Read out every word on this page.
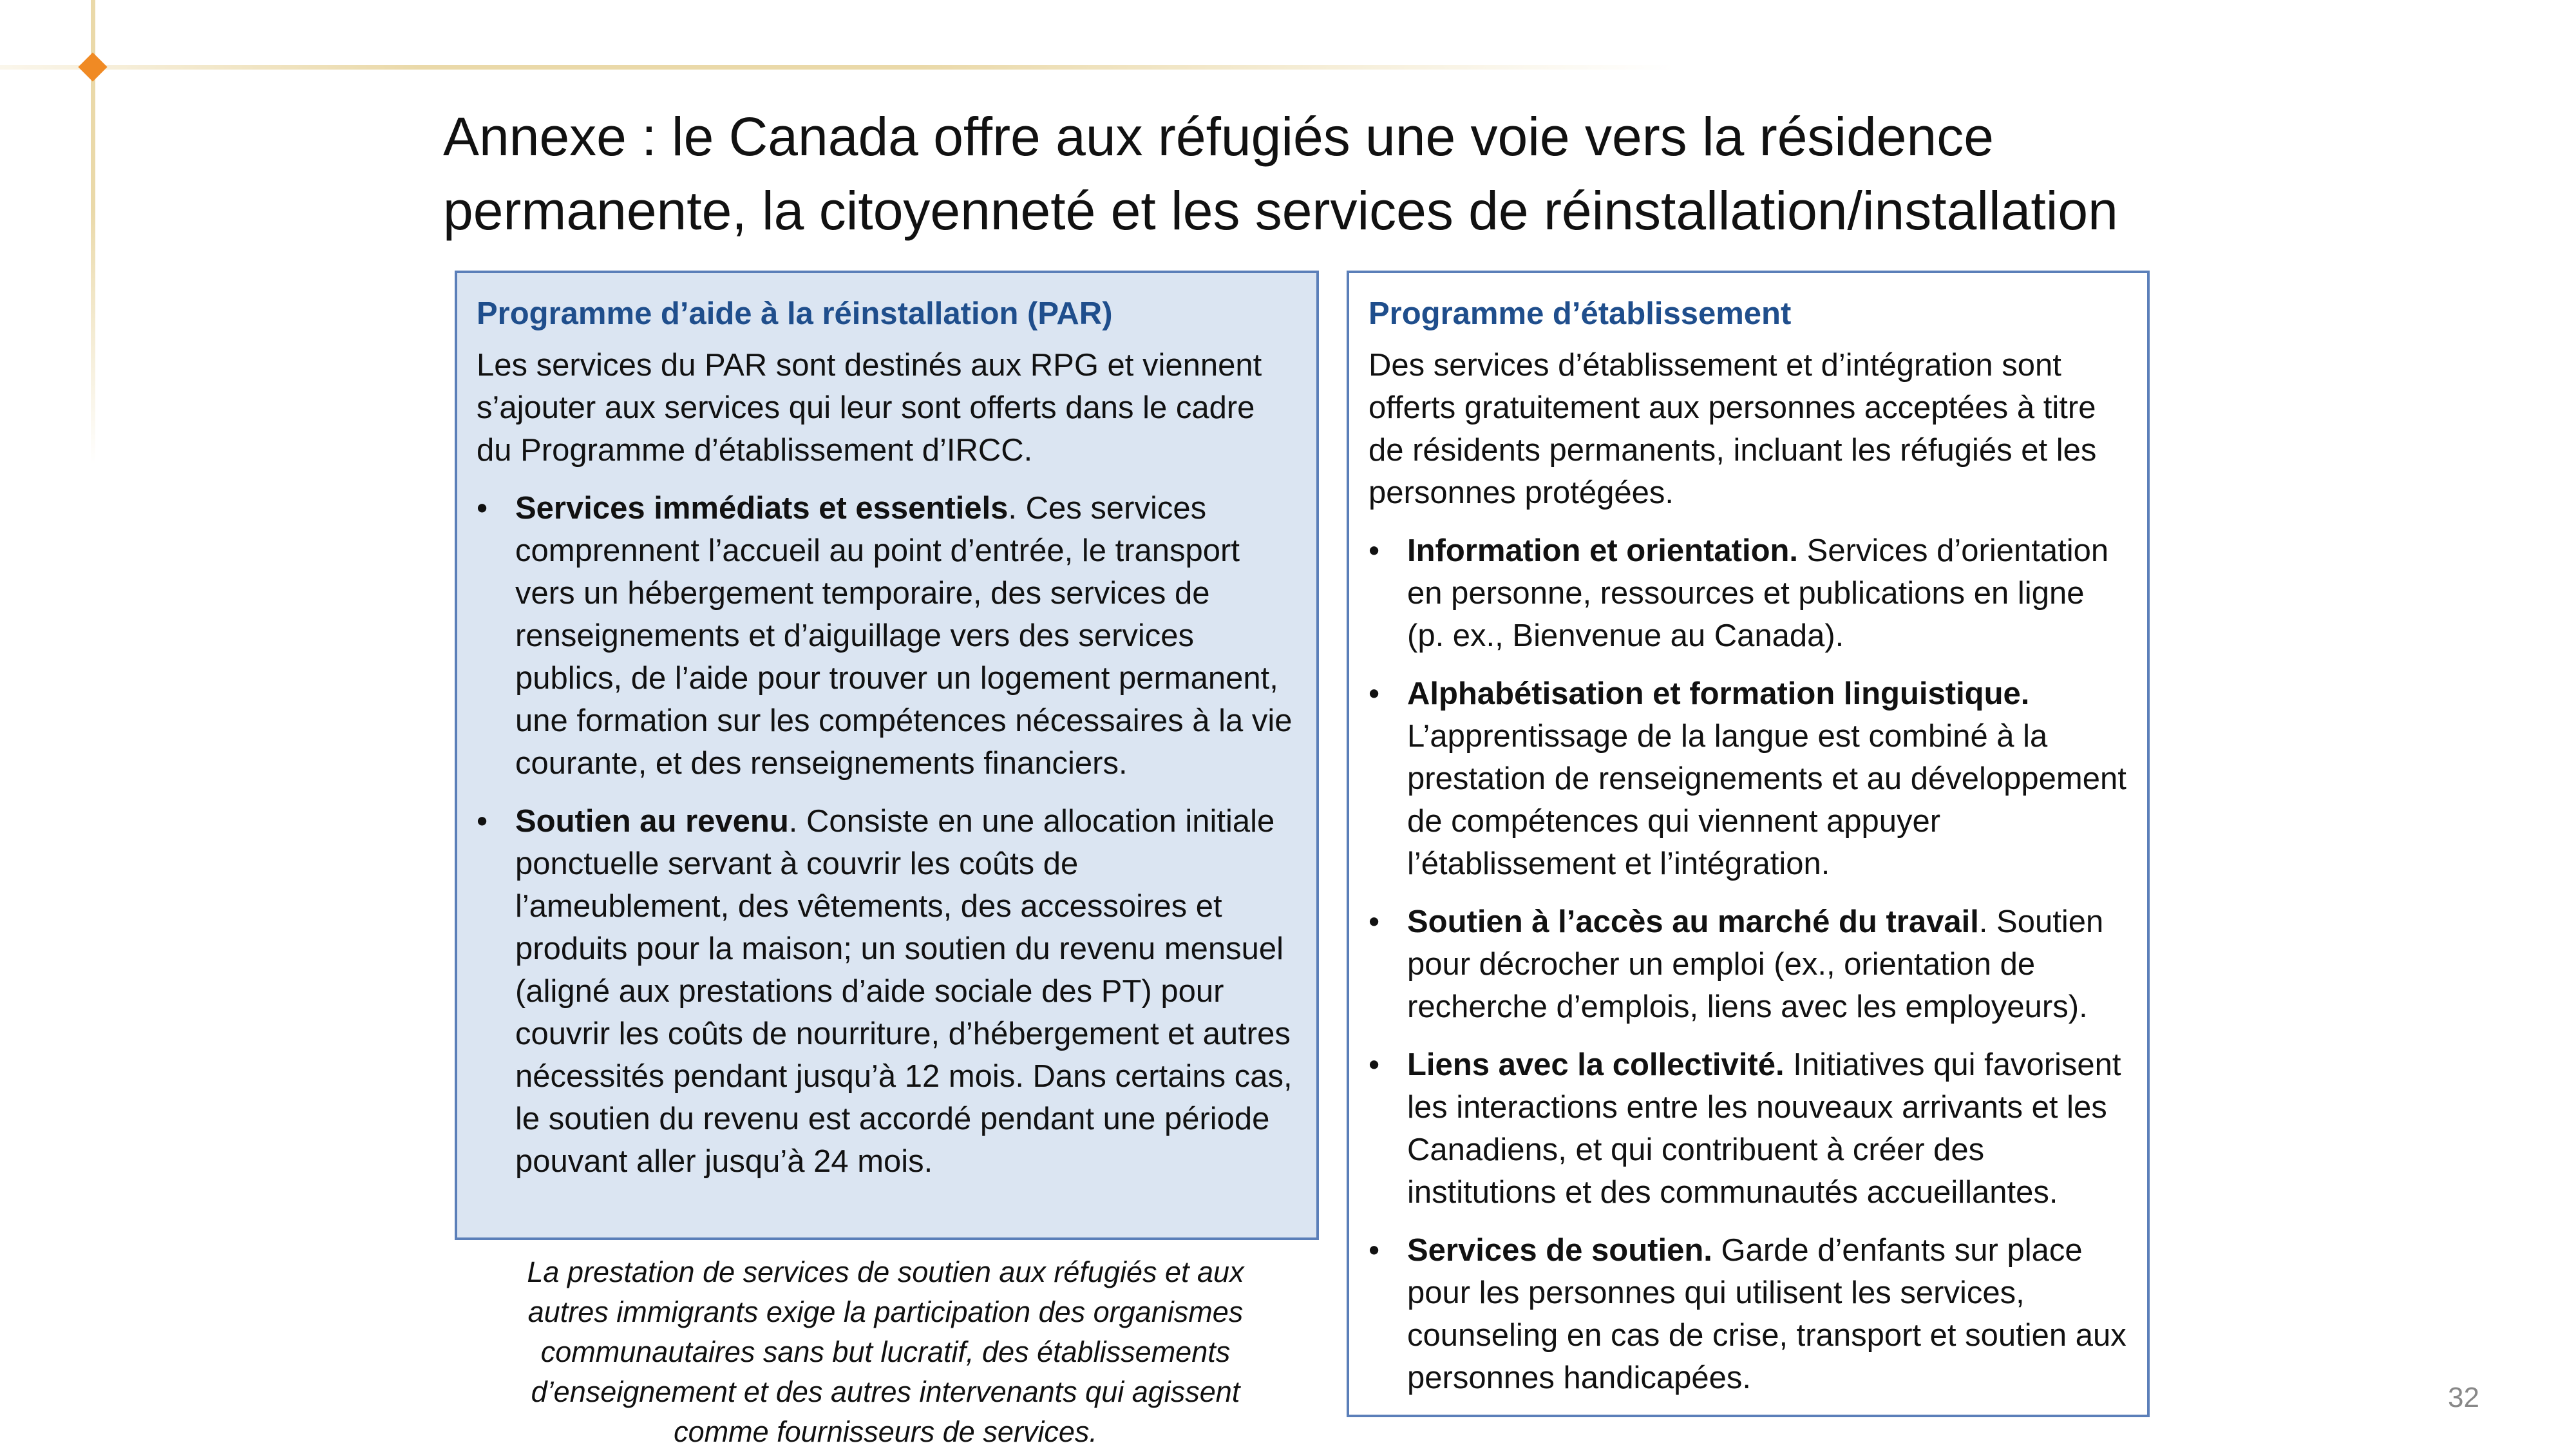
Annexe : le Canada offre aux réfugiés une voie vers la résidence
permanente, la citoyenneté et les services de réinstallation/installation

Programme d’aide à la réinstallation (PAR)

Les services du PAR sont destinés aux RPG et viennent s’ajouter aux services qui leur sont offerts dans le cadre du Programme d’établissement d’IRCC.

• Services immédiats et essentiels. Ces services comprennent l’accueil au point d’entrée, le transport vers un hébergement temporaire, des services de renseignements et d’aiguillage vers des services publics, de l’aide pour trouver un logement permanent, une formation sur les compétences nécessaires à la vie courante, et des renseignements financiers.
• Soutien au revenu. Consiste en une allocation initiale ponctuelle servant à couvrir les coûts de l’ameublement, des vêtements, des accessoires et produits pour la maison; un soutien du revenu mensuel (aligné aux prestations d’aide sociale des PT) pour couvrir les coûts de nourriture, d’hébergement et autres nécessités pendant jusqu’à 12 mois. Dans certains cas, le soutien du revenu est accordé pendant une période pouvant aller jusqu’à 24 mois.
La prestation de services de soutien aux réfugiés et aux autres immigrants exige la participation des organismes communautaires sans but lucratif, des établissements d’enseignement et des autres intervenants qui agissent comme fournisseurs de services.

Programme d’établissement

Des services d’établissement et d’intégration sont offerts gratuitement aux personnes acceptées à titre de résidents permanents, incluant les réfugiés et les personnes protégées.

• Information et orientation. Services d’orientation en personne, ressources et publications en ligne (p. ex., Bienvenue au Canada).
• Alphabétisation et formation linguistique. L’apprentissage de la langue est combiné à la prestation de renseignements et au développement de compétences qui viennent appuyer l’établissement et l’intégration.
• Soutien à l’accès au marché du travail. Soutien pour décrocher un emploi (ex., orientation de recherche d’emplois, liens avec les employeurs).
• Liens avec la collectivité. Initiatives qui favorisent les interactions entre les nouveaux arrivants et les Canadiens, et qui contribuent à créer des institutions et des communautés accueillantes.
• Services de soutien. Garde d’enfants sur place pour les personnes qui utilisent les services, counseling en cas de crise, transport et soutien aux personnes handicapées.
32
